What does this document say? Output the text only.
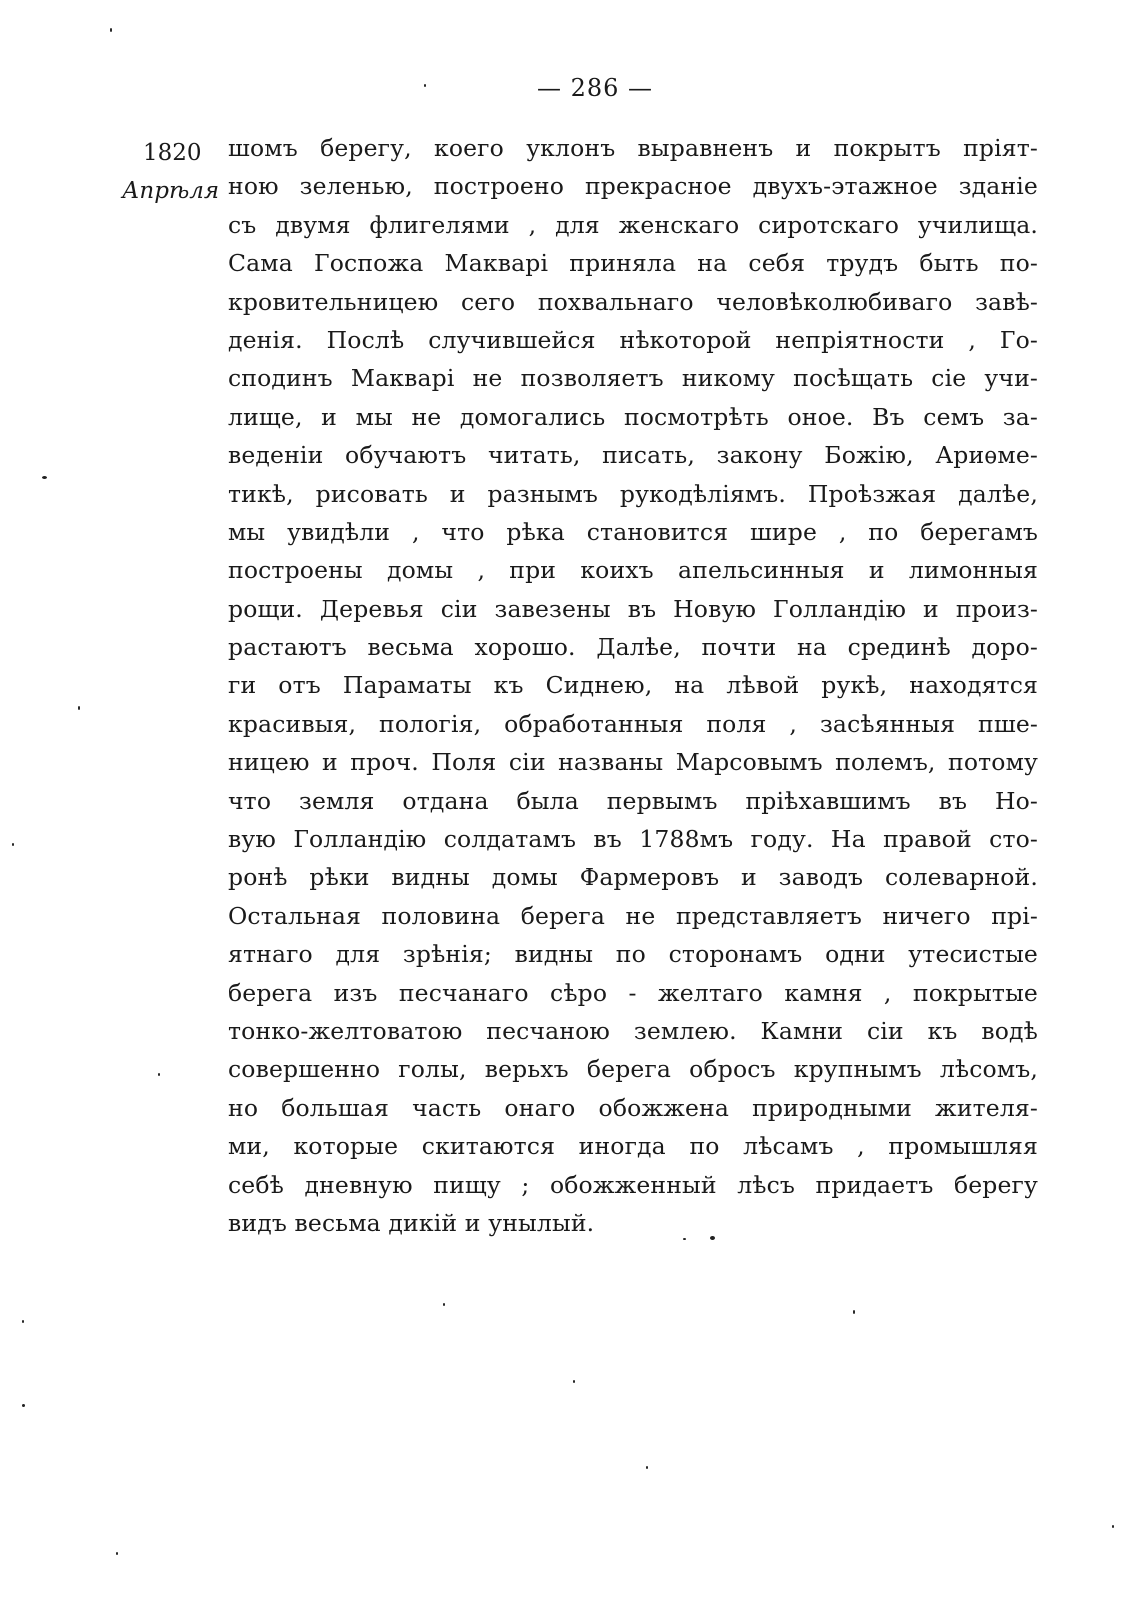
— 286 —
1820
Апрѣля
шомъ берегу, коего уклонъ выравненъ и покрытъ пріят-
ною зеленью, построено прекрасное двухъ-этажное зданіе
съ двумя флигелями , для женскаго сиротскаго училища.
Сама Госпожа Макварі приняла на себя трудъ быть по-
кровительницею сего похвальнаго человѣколюбиваго завѣ-
денія. Послѣ случившейся нѣкоторой непріятности , Го-
сподинъ Макварі не позволяетъ никому посѣщать сіе учи-
лище, и мы не домогались посмотрѣть оное. Въ семъ за-
веденіи обучаютъ читать, писать, закону Божію, Ариѳме-
тикѣ, рисовать и разнымъ рукодѣліямъ. Проѣзжая далѣе,
мы увидѣли , что рѣка становится шире , по берегамъ
построены домы , при коихъ апельсинныя и лимонныя
рощи. Деревья сіи завезены въ Новую Голландію и произ-
растаютъ весьма хорошо. Далѣе, почти на срединѣ доро-
ги отъ Парамaты къ Сиднею, на лѣвой рукѣ, находятся
красивыя, пологія, обработанныя поля , засѣянныя пше-
ницею и проч. Поля сіи названы Марсовымъ полемъ, потому
что земля отдана была первымъ пріѣхавшимъ въ Но-
вую Голландію солдатамъ въ 1788мъ году. На правой сто-
ронѣ рѣки видны домы Фармеровъ и заводъ солеварной.
Остальная половина берега не представляетъ ничего прі-
ятнаго для зрѣнія; видны по сторонамъ одни утесистые
берега изъ песчанаго сѣро - желтаго камня , покрытые
тонко-желтоватою песчаною землею. Камни сіи къ водѣ
совершенно голы, верьхъ берега обросъ крупнымъ лѣсомъ,
но большая часть онаго обожжена природными жителя-
ми, которые скитаются иногда по лѣсамъ , промышляя
себѣ дневную пищу ; обожженный лѣсъ придаетъ берегу
видъ весьма дикій и унылый.
